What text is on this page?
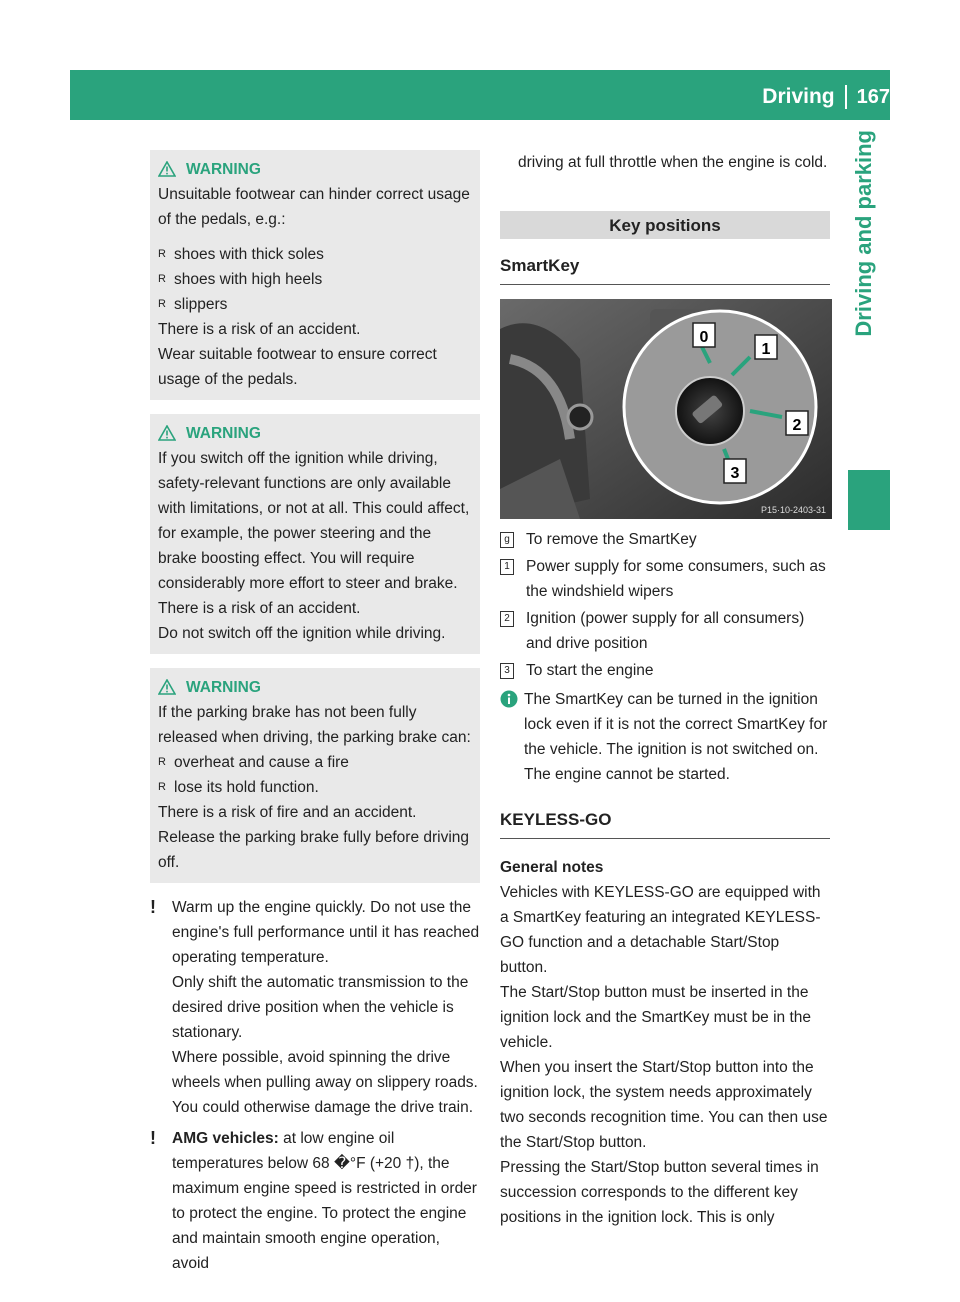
Driving	167
Driving and parking
WARNING

Unsuitable footwear can hinder correct usage of the pedals, e.g.:

R shoes with thick soles
R shoes with high heels
R slippers

There is a risk of an accident.

Wear suitable footwear to ensure correct usage of the pedals.

WARNING

If you switch off the ignition while driving, safety-relevant functions are only available with limitations, or not at all. This could affect, for example, the power steering and the brake boosting effect. You will require considerably more effort to steer and brake. There is a risk of an accident.

Do not switch off the ignition while driving.

WARNING

If the parking brake has not been fully released when driving, the parking brake can:

R overheat and cause a fire
R lose its hold function.

There is a risk of fire and an accident. Release the parking brake fully before driving off.

!	Warm up the engine quickly. Do not use the engine's full performance until it has reached operating temperature.

Only shift the automatic transmission to the desired drive position when the vehicle is stationary.

Where possible, avoid spinning the drive wheels when pulling away on slippery roads. You could otherwise damage the drive train.

!	AMG vehicles: at low engine oil temperatures below 68 �°F (+20 †), the maximum engine speed is restricted in order to protect the engine. To protect the engine and maintain smooth engine operation, avoid

driving at full throttle when the engine is cold.

Key positions
SmartKey
0
1
2
3
P15·10-2403-31
g To remove the SmartKey
1 Power supply for some consumers, such as the windshield wipers
2 Ignition (power supply for all consumers) and drive position
3 To start the engine
The SmartKey can be turned in the ignition lock even if it is not the correct SmartKey for the vehicle. The ignition is not switched on. The engine cannot be started.
KEYLESS-GO
General notes

Vehicles with KEYLESS-GO are equipped with a SmartKey featuring an integrated KEYLESS-GO function and a detachable Start/Stop button.

The Start/Stop button must be inserted in the ignition lock and the SmartKey must be in the vehicle.

When you insert the Start/Stop button into the ignition lock, the system needs approximately two seconds recognition time. You can then use the Start/Stop button.

Pressing the Start/Stop button several times in succession corresponds to the different key positions in the ignition lock. This is only
